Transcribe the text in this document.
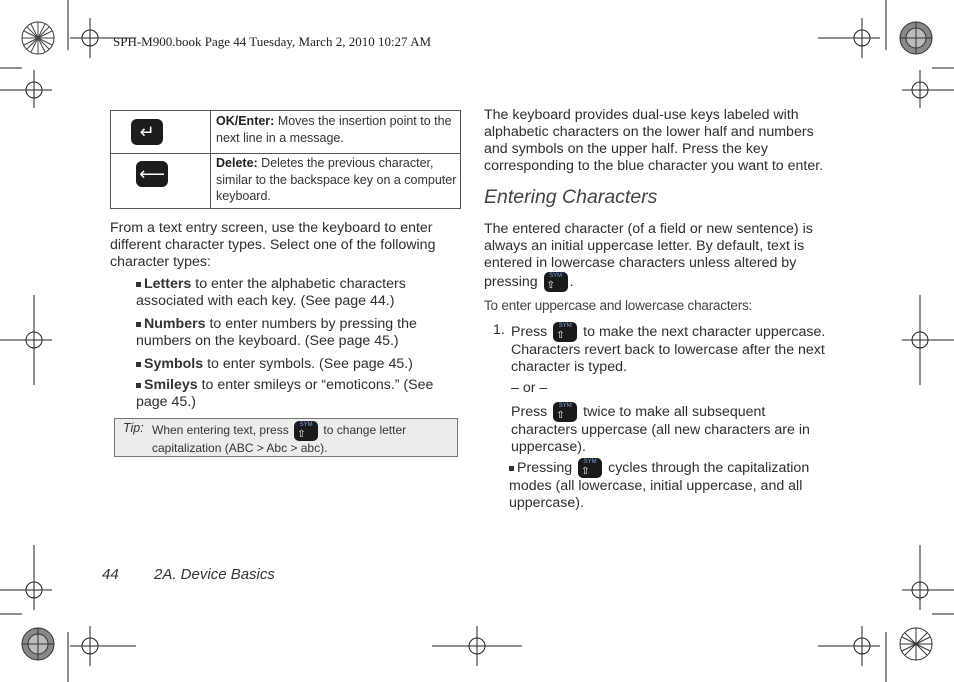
SPH-M900.book Page 44 Tuesday, March 2, 2010 10:27 AM
↵
OK/Enter: Moves the insertion point to the next line in a message.
⟵
Delete: Deletes the previous character, similar to the backspace key on a computer keyboard.
From a text entry screen, use the keyboard to enter different character types. Select one of the following character types:
Letters to enter the alphabetic characters associated with each key. (See page 44.)
Numbers to enter numbers by pressing the numbers on the keyboard. (See page 45.)
Symbols to enter symbols. (See page 45.)
Smileys to enter smileys or “emoticons.” (See page 45.)
Tip: When entering text, press SYM
⇧ to change letter capitalization (ABC > Abc > abc).
The keyboard provides dual-use keys labeled with alphabetic characters on the lower half and numbers and symbols on the upper half. Press the key corresponding to the blue character you want to enter.
Entering Characters
The entered character (of a field or new sentence) is always an initial uppercase letter. By default, text is entered in lowercase characters unless altered by pressing SYM
⇧ .
To enter uppercase and lowercase characters:
1. Press SYM
⇧ to make the next character uppercase. Characters revert back to lowercase after the next character is typed.
– or –
Press SYM
⇧ twice to make all subsequent characters uppercase (all new characters are in uppercase).
Pressing SYM
⇧ cycles through the capitalization modes (all lowercase, initial uppercase, and all uppercase).
44 2A. Device Basics
